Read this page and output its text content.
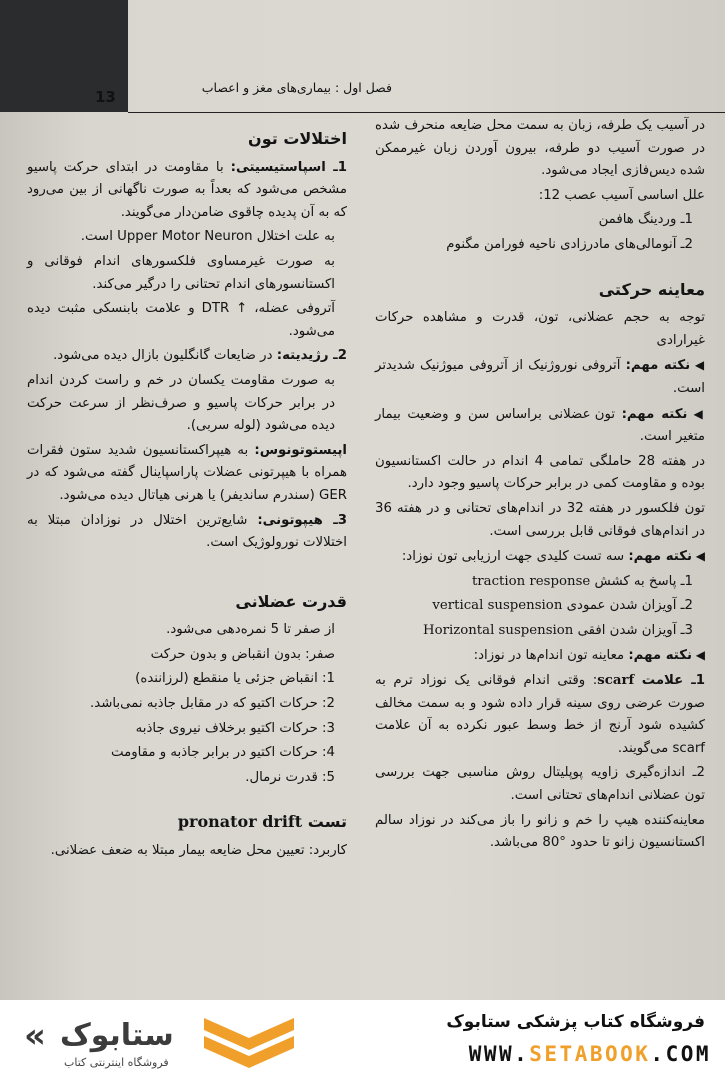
13
فصل اول : بیماری‌های مغز و اعصاب

در آسیب یک طرفه، زبان به سمت محل ضایعه منحرف شده در صورت آسیب دو طرفه، بیرون آوردن زبان غیرممکن شده دیس‌فازی ایجاد می‌شود.

علل اساسی آسیب عصب 12:

1ـ وردینگ هافمن

2ـ آنومالی‌های مادرزادی ناحیه فورامن مگنوم

معاینه حرکتی

توجه به حجم عضلانی، تون، قدرت و مشاهده حرکات غیرارادی

◀ نکته مهم: آتروفی نوروژنیک از آتروفی میوژنیک شدیدتر است.

◀ نکته مهم: تون عضلانی براساس سن و وضعیت بیمار متغیر است.

در هفته 28 حاملگی تمامی 4 اندام در حالت اکستانسیون بوده و مقاومت کمی در برابر حرکات پاسیو وجود دارد.

تون فلکسور در هفته 32 در اندام‌های تحتانی و در هفته 36 در اندام‌های فوقانی قابل بررسی است.

◀ نکته مهم: سه تست کلیدی جهت ارزیابی تون نوزاد:

1ـ پاسخ به کشش traction response

2ـ آویزان شدن عمودی vertical suspension

3ـ آویزان شدن افقی Horizontal suspension

◀ نکته مهم: معاینه تون اندام‌ها در نوزاد:

1ـ علامت scarf: وقتی اندام فوقانی یک نوزاد ترم به صورت عرضی روی سینه قرار داده شود و به سمت مخالف کشیده شود آرنج از خط وسط عبور نکرده به آن علامت scarf می‌گویند.

2ـ اندازه‌گیری زاویه پوپلیتال روش مناسبی جهت بررسی تون عضلانی اندام‌های تحتانی است.

معاینه‌کننده هیپ را خم و زانو را باز می‌کند در نوزاد سالم اکستانسیون زانو تا حدود °80 می‌باشد.

اختلالات تون

1ـ اسپاستیسیتی: با مقاومت در ابتدای حرکت پاسیو مشخص می‌شود که بعداً به صورت ناگهانی از بین می‌رود که به آن پدیده چاقوی ضامن‌دار می‌گویند.

به علت اختلال Upper Motor Neuron است.

به صورت غیرمساوی فلکسورهای اندام فوقانی و اکستانسورهای اندام تحتانی را درگیر می‌کند.

آتروفی عضله، ↑ DTR و علامت بابنسکی مثبت دیده می‌شود.

2ـ رژیدیته: در ضایعات گانگلیون بازال دیده می‌شود.

به صورت مقاومت یکسان در خم و راست کردن اندام در برابر حرکات پاسیو و صرف‌نظر از سرعت حرکت دیده می‌شود (لوله سربی).

اپیستوتونوس: به هیپراکستانسیون شدید ستون فقرات همراه با هیپرتونی عضلات پاراسپاینال گفته می‌شود که در GER (سندرم ساندیفر) یا هرنی هیاتال دیده می‌شود.

3ـ هیپوتونی: شایع‌ترین اختلال در نوزادان مبتلا به اختلالات نورولوژیک است.

قدرت عضلانی

از صفر تا 5 نمره‌دهی می‌شود.

صفر: بدون انقباض و بدون حرکت

1: انقباض جزئی یا منقطع (لرزاننده)

2: حرکات اکتیو که در مقابل جاذبه نمی‌باشد.

3: حرکات اکتیو برخلاف نیروی جاذبه

4: حرکات اکتیو در برابر جاذبه و مقاومت

5: قدرت نرمال.

تست pronator drift

کاربرد: تعیین محل ضایعه بیمار مبتلا به ضعف عضلانی.

« ستابوک
فروشگاه اینترنتی کتاب
فروشگاه کتاب پزشکی ستابوک
WWW.SETABOOK.COM
